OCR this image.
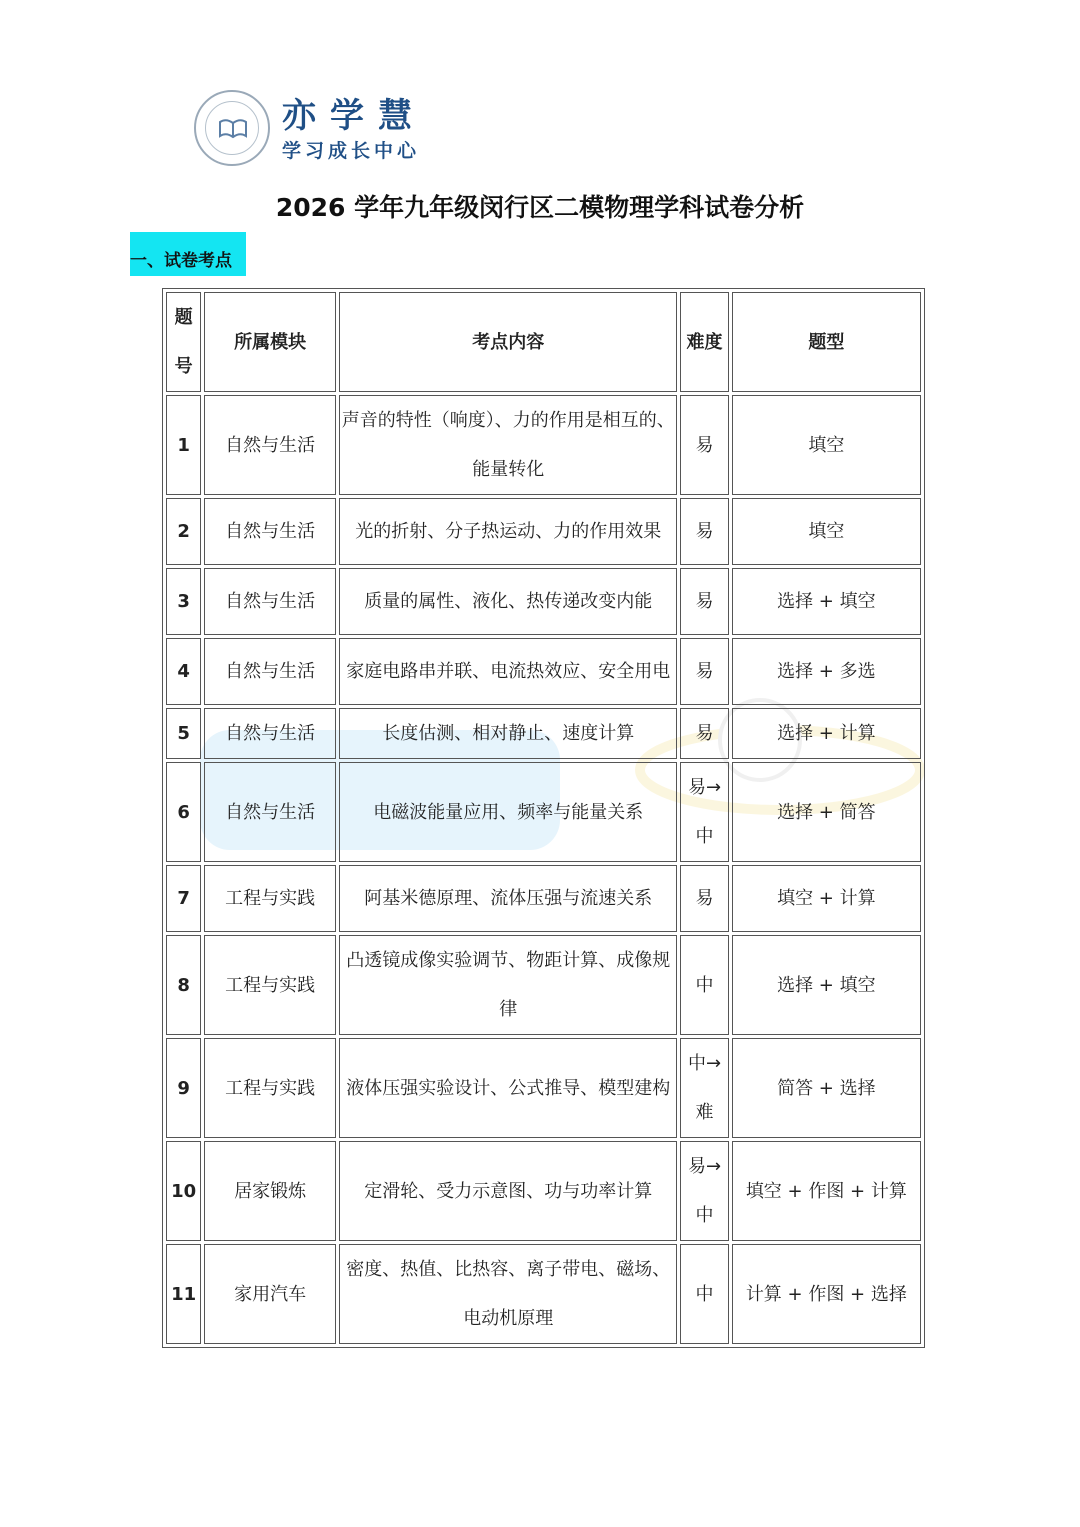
亦学慧
学习成长中心
2026 学年九年级闵行区二模物理学科试卷分析
一、试卷考点
题号	所属模块	考点内容	难度	题型
1	自然与生活	声音的特性（响度）、力的作用是相互的、能量转化	易	填空
2	自然与生活	光的折射、分子热运动、力的作用效果	易	填空
3	自然与生活	质量的属性、液化、热传递改变内能	易	选择 + 填空
4	自然与生活	家庭电路串并联、电流热效应、安全用电	易	选择 + 多选
5	自然与生活	长度估测、相对静止、速度计算	易	选择 + 计算
6	自然与生活	电磁波能量应用、频率与能量关系	易→中	选择 + 简答
7	工程与实践	阿基米德原理、流体压强与流速关系	易	填空 + 计算
8	工程与实践	凸透镜成像实验调节、物距计算、成像规律	中	选择 + 填空
9	工程与实践	液体压强实验设计、公式推导、模型建构	中→难	简答 + 选择
10	居家锻炼	定滑轮、受力示意图、功与功率计算	易→中	填空 + 作图 + 计算
11	家用汽车	密度、热值、比热容、离子带电、磁场、电动机原理	中	计算 + 作图 + 选择
